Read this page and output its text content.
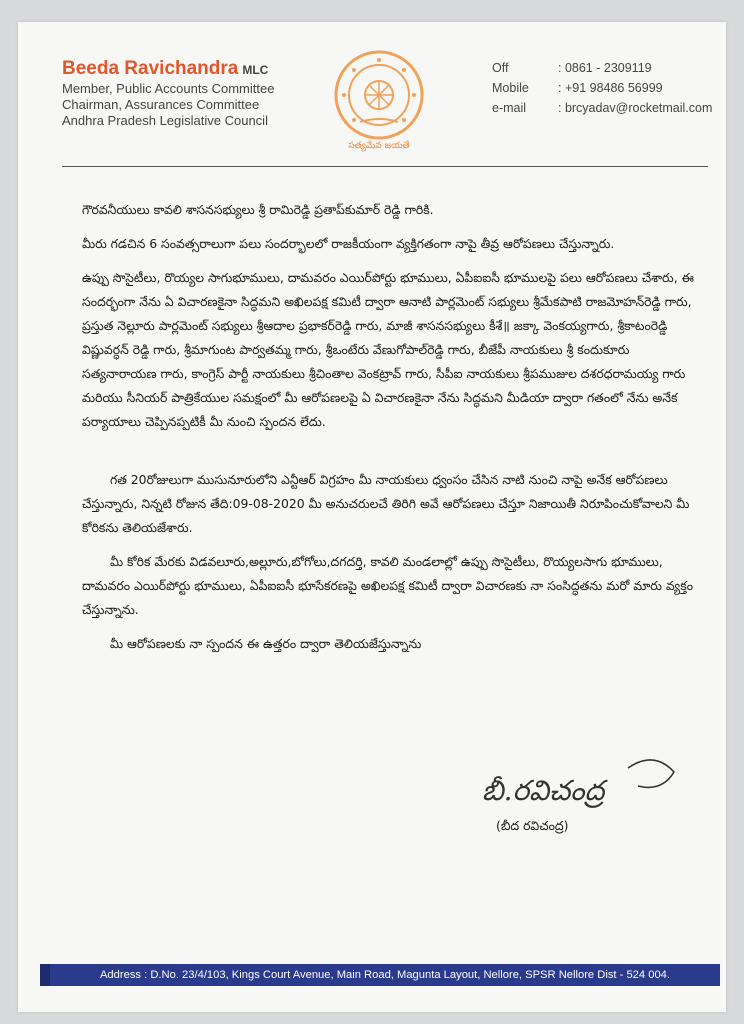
Beeda Ravichandra MLC
Member, Public Accounts Committee
Chairman, Assurances Committee
Andhra Pradesh Legislative Council
సత్యమేవ జయతే
Off	: 0861 - 2309119
Mobile : +91 98486 56999
e-mail	: brcyadav@rocketmail.com

గౌరవనీయులు కావలి శాసనసభ్యులు శ్రీ రామిరెడ్డి ప్రతాప్‌కుమార్ రెడ్డి గారికి.

మీరు గడచిన 6 సంవత్సరాలుగా పలు సందర్భాలలో రాజకీయంగా వ్యక్తిగతంగా నాపై తీవ్ర ఆరోపణలు చేస్తున్నారు.

ఉప్పు సొసైటీలు, రొయ్యల సాగుభూములు, దామవరం ఎయిర్‌పోర్టు భూములు, ఏపీఐఐసీ భూములపై పలు ఆరోపణలు చేశారు, ఈ సందర్భంగా నేను ఏ విచారణకైనా సిద్ధమని అఖిలపక్ష కమిటీ ద్వారా ఆనాటి పార్లమెంట్ సభ్యులు శ్రీమేకపాటి రాజమోహన్‌రెడ్డి గారు, ప్రస్తుత నెల్లూరు పార్లమెంట్ సభ్యులు శ్రీఆదాల ప్రభాకర్‌రెడ్డి గారు, మాజీ శాసనసభ్యులు కీశే॥ జక్కా వెంకయ్యగారు, శ్రీకాటంరెడ్డి విష్ణువర్ధన్ రెడ్డి గారు, శ్రీమాగుంట పార్వతమ్మ గారు, శ్రీఒంటేరు వేణుగోపాల్‌రెడ్డి గారు, బీజేపీ నాయకులు శ్రీ కందుకూరు సత్యనారాయణ గారు, కాంగ్రెస్ పార్టీ నాయకులు శ్రీచింతాల వెంకట్రావ్ గారు, సీపీఐ నాయకులు శ్రీపముజుల దశరధరామయ్య గారు మరియు సీనియర్ పాత్రికేయుల సమక్షంలో మీ ఆరోపణలపై ఏ విచారణకైనా నేను సిద్ధమని మీడియా ద్వారా గతంలో నేను అనేక పర్యాయాలు చెప్పినప్పటికీ మీ నుంచి స్పందన లేదు.

గత 20రోజులుగా ముసునూరులోని ఎన్టీఆర్ విగ్రహం మీ నాయకులు ధ్వంసం చేసిన నాటి నుంచి నాపై అనేక ఆరోపణలు చేస్తున్నారు, నిన్నటి రోజున తేది:09-08-2020 మీ అనుచరులచే తిరిగి అవే ఆరోపణలు చేస్తూ నిజాయితీ నిరూపించుకోవాలని మీ కోరికను తెలియజేశారు.

మీ కోరిక మేరకు విడవలూరు,అల్లూరు,బోగోలు,దగదర్తి, కావలి మండలాల్లో ఉప్పు సొసైటీలు, రొయ్యలసాగు భూములు, దామవరం ఎయిర్‌పోర్టు భూములు, ఏపీఐఐసీ భూసేకరణపై అఖిలపక్ష కమిటీ ద్వారా విచారణకు నా సంసిద్ధతను మరో మారు వ్యక్తం చేస్తున్నాను.

మీ ఆరోపణలకు నా స్పందన ఈ ఉత్తరం ద్వారా తెలియజేస్తున్నాను

బీ.రవిచంద్ర
(బీద రవిచంద్ర)
Address : D.No. 23/4/103, Kings Court Avenue, Main Road, Magunta Layout, Nellore, SPSR Nellore Dist - 524 004.
